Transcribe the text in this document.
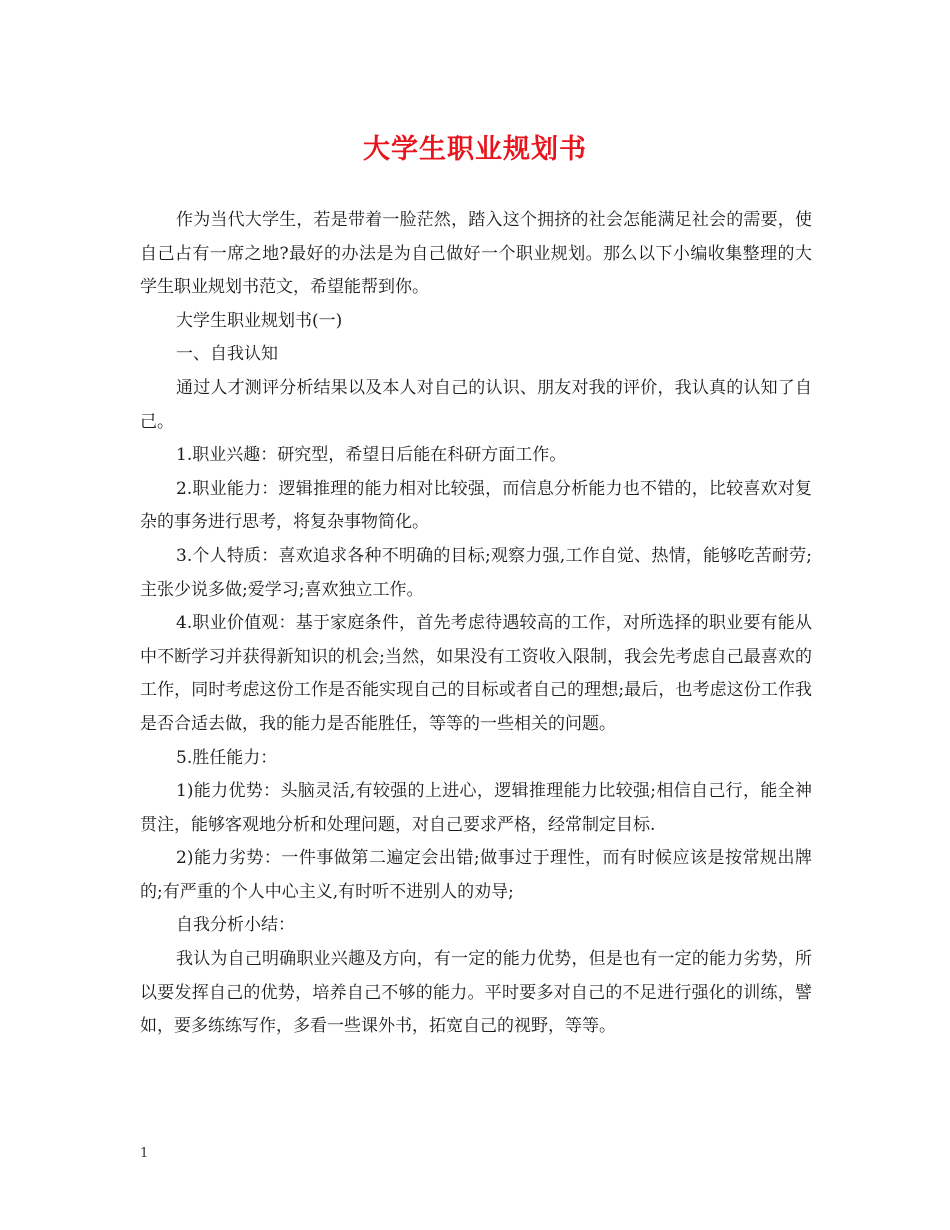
大学生职业规划书

作为当代大学生，若是带着一脸茫然，踏入这个拥挤的社会怎能满足社会的需要，使自己占有一席之地?最好的办法是为自己做好一个职业规划。那么以下小编收集整理的大学生职业规划书范文，希望能帮到你。

大学生职业规划书(一)

一、自我认知

通过人才测评分析结果以及本人对自己的认识、朋友对我的评价，我认真的认知了自己。

1.职业兴趣：研究型，希望日后能在科研方面工作。

2.职业能力：逻辑推理的能力相对比较强，而信息分析能力也不错的，比较喜欢对复杂的事务进行思考，将复杂事物简化。

3.个人特质：喜欢追求各种不明确的目标;观察力强,工作自觉、热情，能够吃苦耐劳;主张少说多做;爱学习;喜欢独立工作。

4.职业价值观：基于家庭条件，首先考虑待遇较高的工作，对所选择的职业要有能从中不断学习并获得新知识的机会;当然，如果没有工资收入限制，我会先考虑自己最喜欢的工作，同时考虑这份工作是否能实现自己的目标或者自己的理想;最后，也考虑这份工作我是否合适去做，我的能力是否能胜任，等等的一些相关的问题。

5.胜任能力：

1)能力优势：头脑灵活,有较强的上进心，逻辑推理能力比较强;相信自己行，能全神贯注，能够客观地分析和处理问题，对自己要求严格，经常制定目标.

2)能力劣势：一件事做第二遍定会出错;做事过于理性，而有时候应该是按常规出牌的;有严重的个人中心主义,有时听不进别人的劝导;

自我分析小结：

我认为自己明确职业兴趣及方向，有一定的能力优势，但是也有一定的能力劣势，所以要发挥自己的优势，培养自己不够的能力。平时要多对自己的不足进行强化的训练，譬如，要多练练写作，多看一些课外书，拓宽自己的视野，等等。

1
